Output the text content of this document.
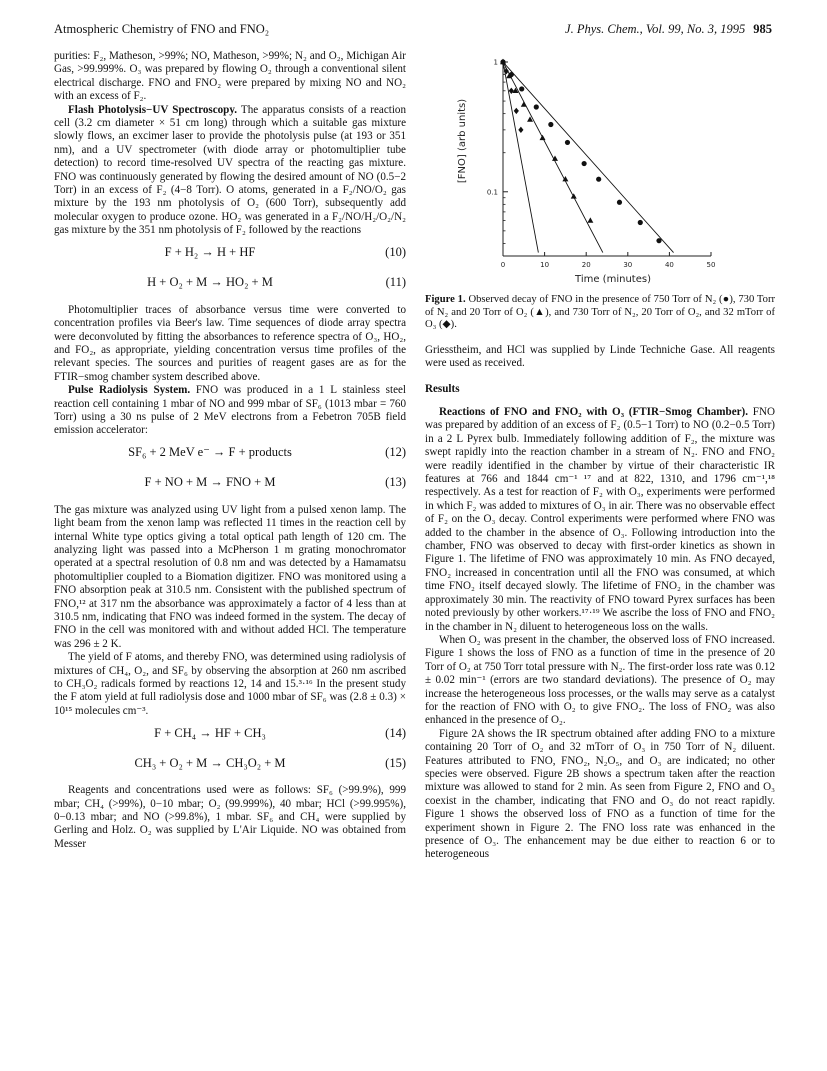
Atmospheric Chemistry of FNO and FNO₂	J. Phys. Chem., Vol. 99, No. 3, 1995 985

purities: F₂, Matheson, >99%; NO, Matheson, >99%; N₂ and O₂, Michigan Air Gas, >99.999%. O₃ was prepared by flowing O₂ through a conventional silent electrical discharge. FNO and FNO₂ were prepared by mixing NO and NO₂ with an excess of F₂.

Flash Photolysis−UV Spectroscopy. The apparatus consists of a reaction cell (3.2 cm diameter × 51 cm long) through which a suitable gas mixture slowly flows, an excimer laser to provide the photolysis pulse (at 193 or 351 nm), and a UV spectrometer (with diode array or photomultiplier tube detection) to record time-resolved UV spectra of the reacting gas mixture. FNO was continuously generated by flowing the desired amount of NO (0.5−2 Torr) in an excess of F₂ (4−8 Torr). O atoms, generated in a F₂/NO/O₂ gas mixture by the 193 nm photolysis of O₂ (600 Torr), subsequently add molecular oxygen to produce ozone. HO₂ was generated in a F₂/NO/H₂/O₂/N₂ gas mixture by the 351 nm photolysis of F₂ followed by the reactions

F + H₂ → H + HF	(10)
H + O₂ + M → HO₂ + M	(11)

Photomultiplier traces of absorbance versus time were converted to concentration profiles via Beer's law. Time sequences of diode array spectra were deconvoluted by fitting the absorbances to reference spectra of O₃, HO₂, and FO₂, as appropriate, yielding concentration versus time profiles of the relevant species. The sources and purities of reagent gases are as for the FTIR−smog chamber system described above.

Pulse Radiolysis System. FNO was produced in a 1 L stainless steel reaction cell containing 1 mbar of NO and 999 mbar of SF₆ (1013 mbar = 760 Torr) using a 30 ns pulse of 2 MeV electrons from a Febetron 705B field emission accelerator:

SF₆ + 2 MeV e⁻ → F + products	(12)
F + NO + M → FNO + M	(13)

The gas mixture was analyzed using UV light from a pulsed xenon lamp. The light beam from the xenon lamp was reflected 11 times in the reaction cell by internal White type optics giving a total optical path length of 120 cm. The analyzing light was passed into a McPherson 1 m grating monochromator operated at a spectral resolution of 0.8 nm and was detected by a Hamamatsu photomultiplier coupled to a Biomation digitizer. FNO was monitored using a FNO absorption peak at 310.5 nm. Consistent with the published spectrum of FNO,¹² at 317 nm the absorbance was approximately a factor of 4 less than at 310.5 nm, indicating that FNO was indeed formed in the system. The decay of FNO in the cell was monitored with and without added HCl. The temperature was 296 ± 2 K.

The yield of F atoms, and thereby FNO, was determined using radiolysis of mixtures of CH₄, O₂, and SF₆ by observing the absorption at 260 nm ascribed to CH₃O₂ radicals formed by reactions 12, 14 and 15.³·¹⁶ In the present study the F atom yield at full radiolysis dose and 1000 mbar of SF₆ was (2.8 ± 0.3) × 10¹⁵ molecules cm⁻³.

F + CH₄ → HF + CH₃	(14)
CH₃ + O₂ + M → CH₃O₂ + M	(15)

Reagents and concentrations used were as follows: SF₆ (>99.9%), 999 mbar; CH₄ (>99%), 0−10 mbar; O₂ (99.999%), 40 mbar; HCl (>99.995%), 0−0.13 mbar; and NO (>99.8%), 1 mbar. SF₆ and CH₄ were supplied by Gerling and Holz. O₂ was supplied by L'Air Liquide. NO was obtained from Messer

0	10	20	30	40	50
1
0.1
Time (minutes)
[FNO] (arb units)

Figure 1. Observed decay of FNO in the presence of 750 Torr of N₂ (●), 730 Torr of N₂ and 20 Torr of O₂ (▲), and 730 Torr of N₂, 20 Torr of O₂, and 32 mTorr of O₃ (◆).

Griesstheim, and HCl was supplied by Linde Techniche Gase. All reagents were used as received.

Results

Reactions of FNO and FNO₂ with O₃ (FTIR−Smog Chamber). FNO was prepared by addition of an excess of F₂ (0.5−1 Torr) to NO (0.2−0.5 Torr) in a 2 L Pyrex bulb. Immediately following addition of F₂, the mixture was swept rapidly into the reaction chamber in a stream of N₂. FNO and FNO₂ were readily identified in the chamber by virtue of their characteristic IR features at 766 and 1844 cm⁻¹ ¹⁷ and at 822, 1310, and 1796 cm⁻¹,¹⁸ respectively. As a test for reaction of F₂ with O₃, experiments were performed in which F₂ was added to mixtures of O₃ in air. There was no observable effect of F₂ on the O₃ decay. Control experiments were performed where FNO was added to the chamber in the absence of O₃. Following introduction into the chamber, FNO was observed to decay with first-order kinetics as shown in Figure 1. The lifetime of FNO was approximately 10 min. As FNO decayed, FNO₂ increased in concentration until all the FNO was consumed, at which time FNO₂ itself decayed slowly. The lifetime of FNO₂ in the chamber was approximately 30 min. The reactivity of FNO toward Pyrex surfaces has been noted previously by other workers.¹⁷·¹⁹ We ascribe the loss of FNO and FNO₂ in the chamber in N₂ diluent to heterogeneous loss on the walls.

When O₂ was present in the chamber, the observed loss of FNO increased. Figure 1 shows the loss of FNO as a function of time in the presence of 20 Torr of O₂ at 750 Torr total pressure with N₂. The first-order loss rate was 0.12 ± 0.02 min⁻¹ (errors are two standard deviations). The presence of O₂ may increase the heterogeneous loss processes, or the walls may serve as a catalyst for the reaction of FNO with O₂ to give FNO₂. The loss of FNO₂ was also enhanced in the presence of O₂.

Figure 2A shows the IR spectrum obtained after adding FNO to a mixture containing 20 Torr of O₂ and 32 mTorr of O₃ in 750 Torr of N₂ diluent. Features attributed to FNO, FNO₂, N₂O₅, and O₃ are indicated; no other species were observed. Figure 2B shows a spectrum taken after the reaction mixture was allowed to stand for 2 min. As seen from Figure 2, FNO and O₃ coexist in the chamber, indicating that FNO and O₃ do not react rapidly. Figure 1 shows the observed loss of FNO as a function of time for the experiment shown in Figure 2. The FNO loss rate was enhanced in the presence of O₃. The enhancement may be due either to reaction 6 or to heterogeneous
